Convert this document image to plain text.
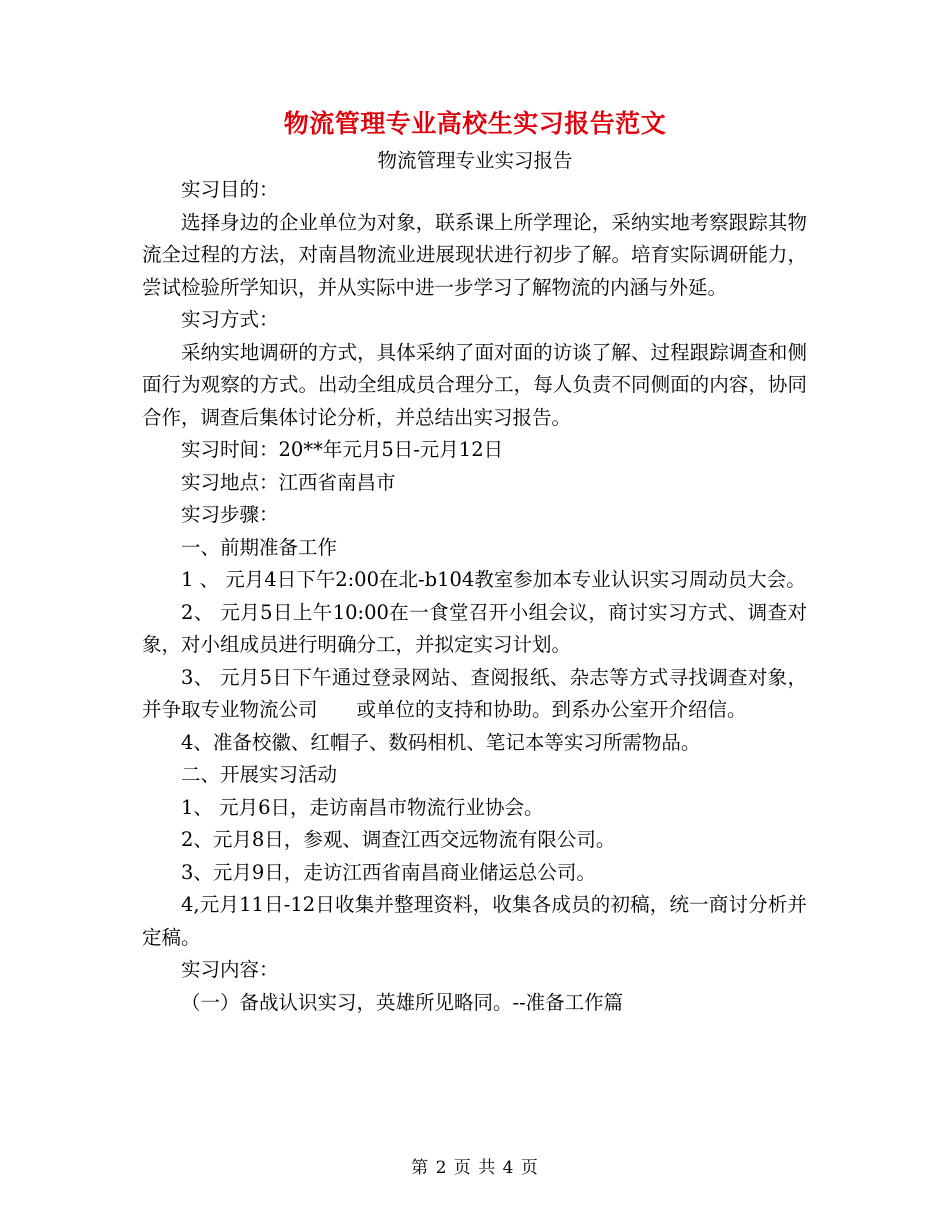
物流管理专业高校生实习报告范文
物流管理专业实习报告

实习目的：

选择身边的企业单位为对象，联系课上所学理论，采纳实地考察跟踪其物流全过程的方法，对南昌物流业进展现状进行初步了解。培育实际调研能力，尝试检验所学知识，并从实际中进一步学习了解物流的内涵与外延。

实习方式：

采纳实地调研的方式，具体采纳了面对面的访谈了解、过程跟踪调查和侧面行为观察的方式。出动全组成员合理分工，每人负责不同侧面的内容，协同合作，调查后集体讨论分析，并总结出实习报告。

实习时间：20**年元月5日-元月12日

实习地点：江西省南昌市

实习步骤：

一、前期准备工作

1 、 元月4日下午2:00在北-b104教室参加本专业认识实习周动员大会。

2、 元月5日上午10:00在一食堂召开小组会议，商讨实习方式、调查对象，对小组成员进行明确分工，并拟定实习计划。

3、 元月5日下午通过登录网站、查阅报纸、杂志等方式寻找调查对象，并争取专业物流公司　　或单位的支持和协助。到系办公室开介绍信。

4、准备校徽、红帽子、数码相机、笔记本等实习所需物品。

二、开展实习活动

1、 元月6日，走访南昌市物流行业协会。

2、元月8日，参观、调查江西交远物流有限公司。

3、元月9日，走访江西省南昌商业储运总公司。

4,元月11日-12日收集并整理资料，收集各成员的初稿，统一商讨分析并定稿。

实习内容：

（一）备战认识实习，英雄所见略同。--准备工作篇

第 2 页 共 4 页
